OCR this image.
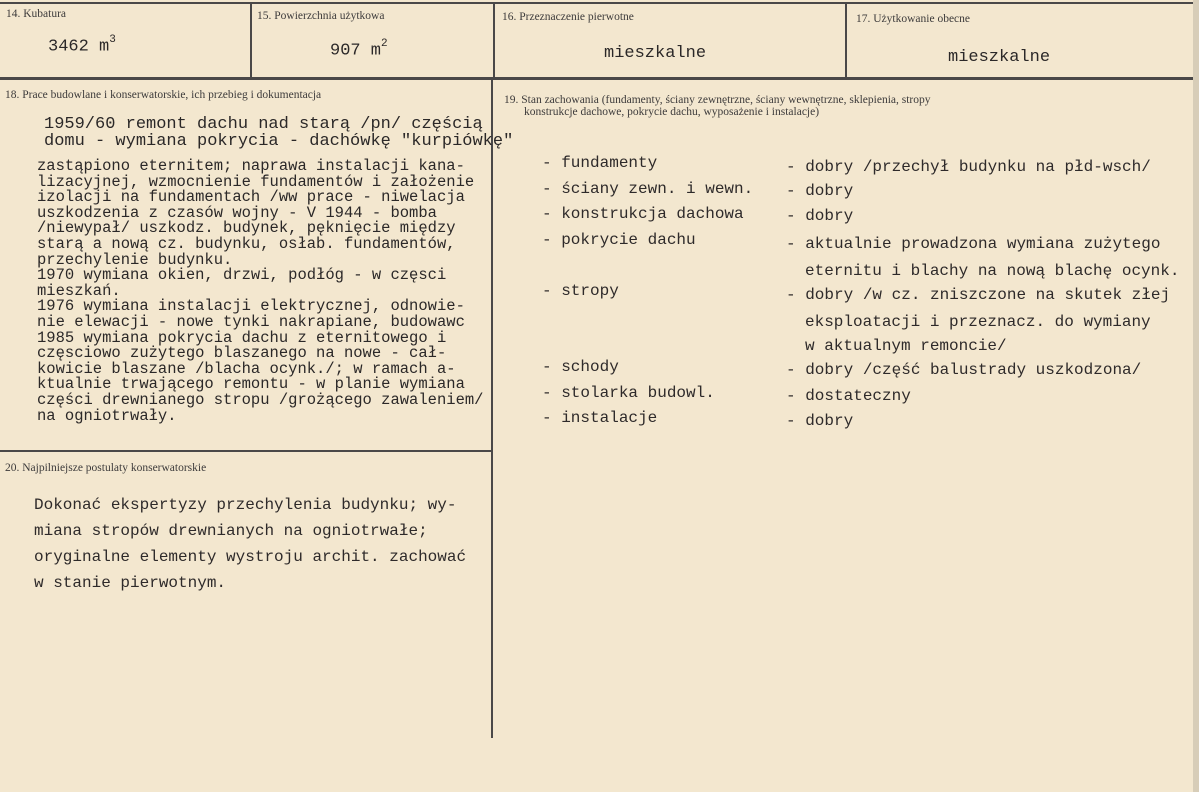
14. Kubatura
3462 $m^3$
15. Powierzchnia użytkowa
907 $m^2$
16. Przeznaczenie pierwotne
mieszkalne
17. Użytkowanie obecne
mieszkalne
18. Prace budowlane i konserwatorskie, ich przebieg i dokumentacja
1959/60 remont dachu nad starą /pn/ częścią
domu - wymiana pokrycia - dachówkę "kurpiówkę"
zastąpiono eternitem; naprawa instalacji kana-
lizacyjnej, wzmocnienie fundamentów i założenie
izolacji na fundamentach /ww prace - niwelacja
uszkodzenia z czasów wojny - V 1944 - bomba
/niewypał/ uszkodz. budynek, pęknięcie między
starą a nową cz. budynku, osłab. fundamentów,
przechylenie budynku.
1970 wymiana okien, drzwi, podłóg - w częsci
mieszkań.
1976 wymiana instalacji elektrycznej, odnowie-
nie elewacji - nowe tynki nakrapiane, budowawc
1985 wymiana pokrycia dachu z eternitowego i
częsciowo zużytego blaszanego na nowe - cał-
kowicie blaszane /blacha ocynk./; w ramach a-
ktualnie trwającego remontu - w planie wymiana
części drewnianego stropu /grożącego zawaleniem/
na ogniotrwały.
19. Stan zachowania (fundamenty, ściany zewnętrzne, ściany wewnętrzne, sklepienia, stropy
konstrukcje dachowe, pokrycie dachu, wyposażenie i instalacje)
- fundamenty	- dobry /przechył budynku na płd-wsch/
- ściany zewn. i wewn. - dobry
- konstrukcja dachowa	- dobry
- pokrycie dachu	- aktualnie prowadzona wymiana zużytego
eternitu i blachy na nową blachę ocynk.
- stropy	- dobry /w cz. zniszczone na skutek złej
eksploatacji i przeznacz. do wymiany
w aktualnym remoncie/
- schody	- dobry /część balustrady uszkodzona/
- stolarka budowl.	- dostateczny
- instalacje	- dobry
20. Najpilniejsze postulaty konserwatorskie
Dokonać ekspertyzy przechylenia budynku; wy-
miana stropów drewnianych na ogniotrwałe;
oryginalne elementy wystroju archit. zachować
w stanie pierwotnym.
